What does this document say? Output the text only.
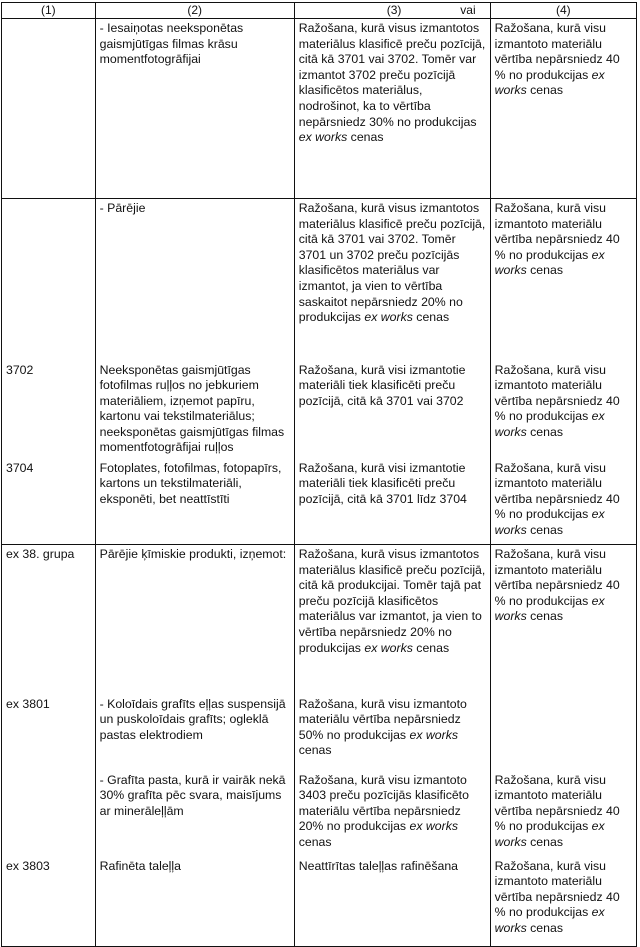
(1)	(2)	(3) vai	(4)
	- Iesaiņotas neeksponētas gaismjūtīgas filmas krāsu momentfotogrāfijai	Ražošana, kurā visus izmantotos materiālus klasificē preču pozīcijā, citā kā 3701 vai 3702. Tomēr var izmantot 3702 preču pozīcijā klasificētos materiālus, nodrošinot, ka to vērtība nepārsniedz 30% no produkcijas ex works cenas	Ražošana, kurā visu izmantoto materiālu vērtība nepārsniedz 40 % no produkcijas ex works cenas
	- Pārējie	Ražošana, kurā visus izmantotos materiālus klasificē preču pozīcijā, citā kā 3701 vai 3702. Tomēr 3701 un 3702 preču pozīcijās klasificētos materiālus var izmantot, ja vien to vērtība saskaitot nepārsniedz 20% no produkcijas ex works cenas	Ražošana, kurā visu izmantoto materiālu vērtība nepārsniedz 40 % no produkcijas ex works cenas
3702	Neeksponētas gaismjūtīgas fotofilmas ruļļos no jebkuriem materiāliem, izņemot papīru, kartonu vai tekstilmateriālus; neeksponētas gaismjūtīgas filmas momentfotogrāfijai ruļļos	Ražošana, kurā visi izmantotie materiāli tiek klasificēti preču pozīcijā, citā kā 3701 vai 3702	Ražošana, kurā visu izmantoto materiālu vērtība nepārsniedz 40 % no produkcijas ex works cenas
3704	Fotoplates, fotofilmas, fotopapīrs, kartons un tekstilmateriāli, eksponēti, bet neattīstīti	Ražošana, kurā visi izmantotie materiāli tiek klasificēti preču pozīcijā, citā kā 3701 līdz 3704	Ražošana, kurā visu izmantoto materiālu vērtība nepārsniedz 40 % no produkcijas ex works cenas
ex 38. grupa	Pārējie ķīmiskie produkti, izņemot:	Ražošana, kurā visus izmantotos materiālus klasificē preču pozīcijā, citā kā produkcijai. Tomēr tajā pat preču pozīcijā klasificētos materiālus var izmantot, ja vien to vērtība nepārsniedz 20% no produkcijas ex works cenas	Ražošana, kurā visu izmantoto materiālu vērtība nepārsniedz 40 % no produkcijas ex works cenas
ex 3801	- Koloīdais grafīts eļļas suspensijā un puskoloīdais grafīts; ogleklā pastas elektrodiem	Ražošana, kurā visu izmantoto materiālu vērtība nepārsniedz 50% no produkcijas ex works cenas	
	- Grafīta pasta, kurā ir vairāk nekā 30% grafīta pēc svara, maisījums ar minerāleļļām	Ražošana, kurā visu izmantoto 3403 preču pozīcijās klasificēto materiālu vērtība nepārsniedz 20% no produkcijas ex works cenas	Ražošana, kurā visu izmantoto materiālu vērtība nepārsniedz 40 % no produkcijas ex works cenas
ex 3803	Rafinēta taleļļa	Neattīrītas taleļļas rafinēšana	Ražošana, kurā visu izmantoto materiālu vērtība nepārsniedz 40 % no produkcijas ex works cenas
